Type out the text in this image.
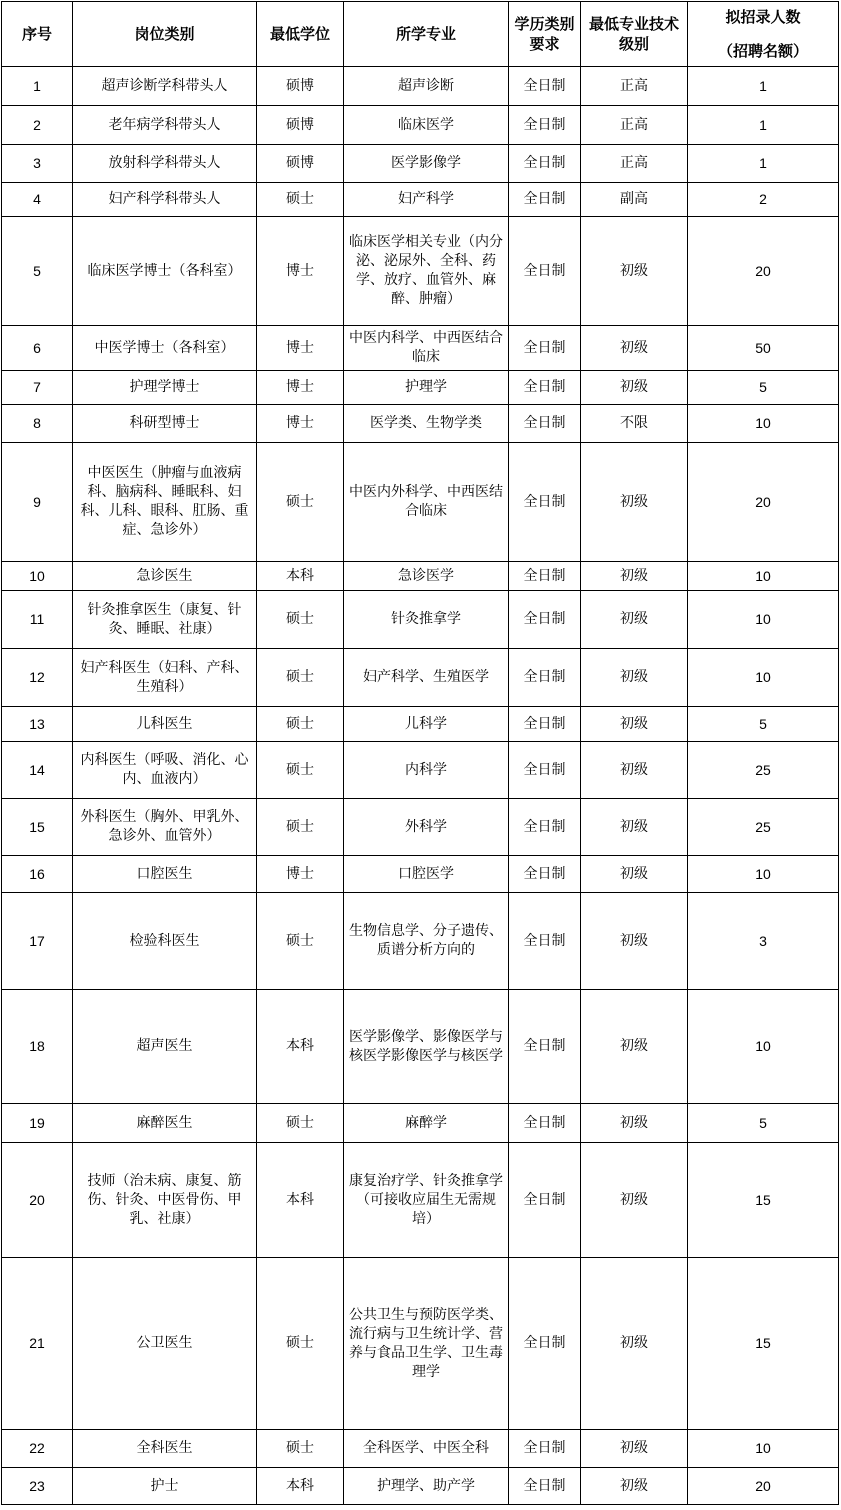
序号	岗位类别	最低学位	所学专业	学历类别要求	最低专业技术级别	拟招录人数
（招聘名额）

1	超声诊断学科带头人	硕博	超声诊断	全日制	正高	1
2	老年病学科带头人	硕博	临床医学	全日制	正高	1
3	放射科学科带头人	硕博	医学影像学	全日制	正高	1
4	妇产科学科带头人	硕士	妇产科学	全日制	副高	2
5	临床医学博士（各科室）	博士	临床医学相关专业（内分泌、泌尿外、全科、药学、放疗、血管外、麻醉、肿瘤）	全日制	初级	20
6	中医学博士（各科室）	博士	中医内科学、中西医结合临床	全日制	初级	50
7	护理学博士	博士	护理学	全日制	初级	5
8	科研型博士	博士	医学类、生物学类	全日制	不限	10
9	中医医生（肿瘤与血液病科、脑病科、睡眠科、妇科、儿科、眼科、肛肠、重症、急诊外）	硕士	中医内外科学、中西医结合临床	全日制	初级	20
10	急诊医生	本科	急诊医学	全日制	初级	10
11	针灸推拿医生（康复、针灸、睡眠、社康）	硕士	针灸推拿学	全日制	初级	10
12	妇产科医生（妇科、产科、生殖科）	硕士	妇产科学、生殖医学	全日制	初级	10
13	儿科医生	硕士	儿科学	全日制	初级	5
14	内科医生（呼吸、消化、心内、血液内）	硕士	内科学	全日制	初级	25
15	外科医生（胸外、甲乳外、急诊外、血管外）	硕士	外科学	全日制	初级	25
16	口腔医生	博士	口腔医学	全日制	初级	10
17	检验科医生	硕士	生物信息学、分子遗传、质谱分析方向的	全日制	初级	3
18	超声医生	本科	医学影像学、影像医学与核医学影像医学与核医学	全日制	初级	10
19	麻醉医生	硕士	麻醉学	全日制	初级	5
20	技师（治未病、康复、筋伤、针灸、中医骨伤、甲乳、社康）	本科	康复治疗学、针灸推拿学（可接收应届生无需规培）	全日制	初级	15
21	公卫医生	硕士	公共卫生与预防医学类、流行病与卫生统计学、营养与食品卫生学、卫生毒理学	全日制	初级	15
22	全科医生	硕士	全科医学、中医全科	全日制	初级	10
23	护士	本科	护理学、助产学	全日制	初级	20
